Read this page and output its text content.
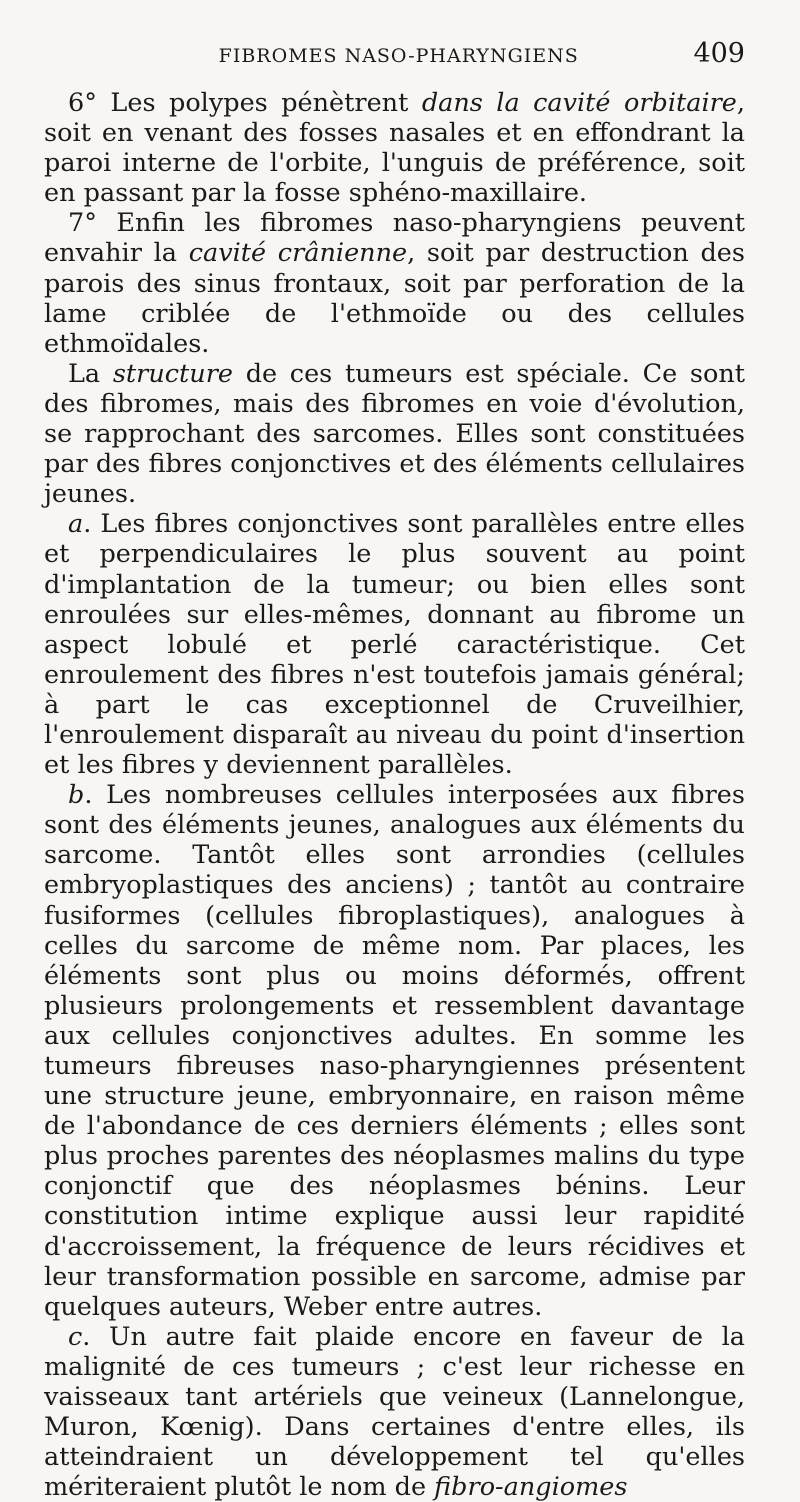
FIBROMES NASO-PHARYNGIENS	409

6° Les polypes pénètrent dans la cavité orbitaire, soit en venant des fosses nasales et en effondrant la paroi interne de l'orbite, l'unguis de préférence, soit en passant par la fosse sphéno-maxillaire.

7° Enfin les fibromes naso-pharyngiens peuvent envahir la cavité crânienne, soit par destruction des parois des sinus frontaux, soit par perforation de la lame criblée de l'ethmoïde ou des cellules ethmoïdales.

La structure de ces tumeurs est spéciale. Ce sont des fibromes, mais des fibromes en voie d'évolution, se rapprochant des sarcomes. Elles sont constituées par des fibres conjonctives et des éléments cellulaires jeunes.

a. Les fibres conjonctives sont parallèles entre elles et perpendiculaires le plus souvent au point d'implantation de la tumeur; ou bien elles sont enroulées sur elles-mêmes, donnant au fibrome un aspect lobulé et perlé caractéristique. Cet enroulement des fibres n'est toutefois jamais général; à part le cas exceptionnel de Cruveilhier, l'enroulement disparaît au niveau du point d'insertion et les fibres y deviennent parallèles.

b. Les nombreuses cellules interposées aux fibres sont des éléments jeunes, analogues aux éléments du sarcome. Tantôt elles sont arrondies (cellules embryoplastiques des anciens) ; tantôt au contraire fusiformes (cellules fibroplastiques), analogues à celles du sarcome de même nom. Par places, les éléments sont plus ou moins déformés, offrent plusieurs prolongements et ressemblent davantage aux cellules conjonctives adultes. En somme les tumeurs fibreuses naso-pharyngiennes présentent une structure jeune, embryonnaire, en raison même de l'abondance de ces derniers éléments ; elles sont plus proches parentes des néoplasmes malins du type conjonctif que des néoplasmes bénins. Leur constitution intime explique aussi leur rapidité d'accroissement, la fréquence de leurs récidives et leur transformation possible en sarcome, admise par quelques auteurs, Weber entre autres.

c. Un autre fait plaide encore en faveur de la malignité de ces tumeurs ; c'est leur richesse en vaisseaux tant artériels que veineux (Lannelongue, Muron, Kœnig). Dans certaines d'entre elles, ils atteindraient un développement tel qu'elles mériteraient plutôt le nom de fibro-angiomes
